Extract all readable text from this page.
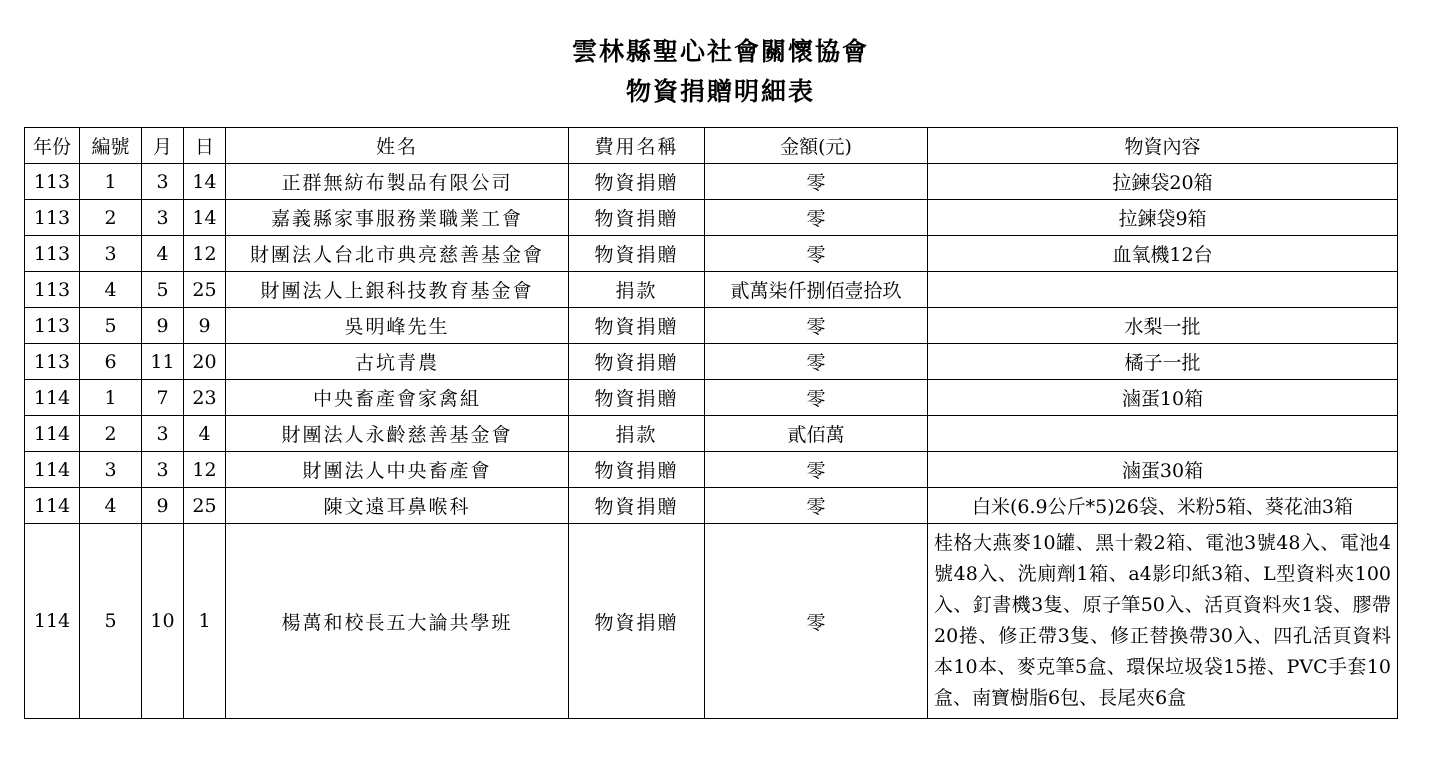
雲林縣聖心社會關懷協會
物資捐贈明細表
年份	編號	月	日	姓名	費用名稱	金額(元)	物資內容
113	1	3	14	正群無紡布製品有限公司	物資捐贈	零	拉鍊袋20箱
113	2	3	14	嘉義縣家事服務業職業工會	物資捐贈	零	拉鍊袋9箱
113	3	4	12	財團法人台北市典亮慈善基金會	物資捐贈	零	血氧機12台
113	4	5	25	財團法人上銀科技教育基金會	捐款	貳萬柒仟捌佰壹拾玖	
113	5	9	9	吳明峰先生	物資捐贈	零	水梨一批
113	6	11	20	古坑青農	物資捐贈	零	橘子一批
114	1	7	23	中央畜產會家禽組	物資捐贈	零	滷蛋10箱
114	2	3	4	財團法人永齡慈善基金會	捐款	貳佰萬	
114	3	3	12	財團法人中央畜產會	物資捐贈	零	滷蛋30箱
114	4	9	25	陳文遠耳鼻喉科	物資捐贈	零	白米(6.9公斤*5)26袋、米粉5箱、葵花油3箱
114	5	10	1	楊萬和校長五大論共學班	物資捐贈	零	桂格大燕麥10罐、黑十穀2箱、電池3號48入、電池4號48入、洗廁劑1箱、a4影印紙3箱、L型資料夾100入、釘書機3隻、原子筆50入、活頁資料夾1袋、膠帶20捲、修正帶3隻、修正替換帶30入、四孔活頁資料本10本、麥克筆5盒、環保垃圾袋15捲、PVC手套10盒、南寶樹脂6包、長尾夾6盒
